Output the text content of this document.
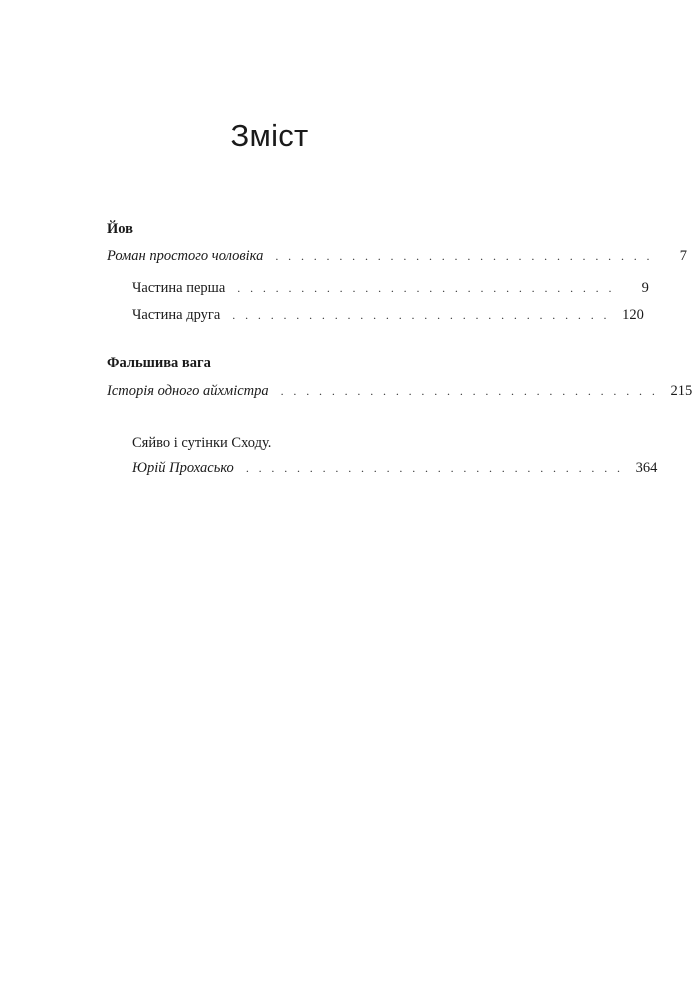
Зміст
Йов
Роман простого чоловіка . . . . . . . . . . . . . . . . . . . . . . . . . . . . . .	7
Частина перша . . . . . . . . . . . . . . . . . . . . . . . . . . . . . .	9
Частина друга . . . . . . . . . . . . . . . . . . . . . . . . . . . . . . 120
Фальшива вага
Історія одного айхмістра . . . . . . . . . . . . . . . . . . . . . . . . . . . . . . 215
Сяйво і сутінки Сходу.
Юрій Прохасько . . . . . . . . . . . . . . . . . . . . . . . . . . . . . . 364
